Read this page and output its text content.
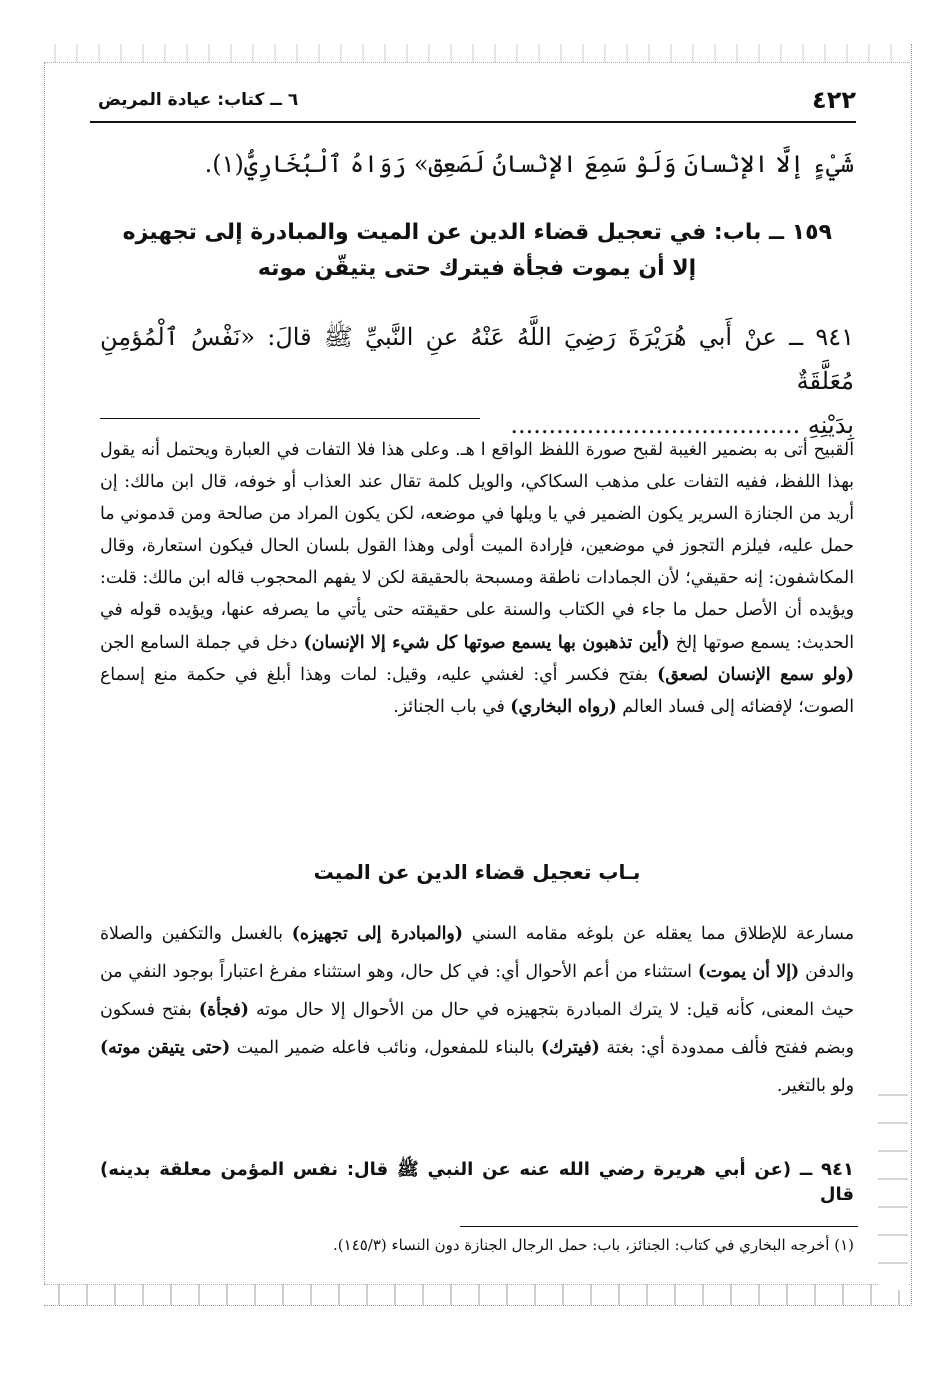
٤٢٢
٦ ــ كتاب: عيادة المريض
شَيْءٍ إلَّا الإنْسانَ وَلَوْ سَمِعَ الإنْسانُ لَصَعِق» رَوَاهُ ٱلْبُخَارِيُّ(١).
١٥٩ ــ باب: في تعجيل قضاء الدين عن الميت والمبادرة إلى تجهيزه
إلا أن يموت فجأة فيترك حتى يتيقّن موته
٩٤١ ــ عنْ أَبي هُرَيْرَةَ رَضِيَ اللَّهُ عَنْهُ عنِ النَّبيِّ ﷺ قالَ: «نَفْسُ ٱلْمُؤمِنِ مُعَلَّقَةٌ
بِدَيْنِهِ ......................................

القبيح أتى به بضمير الغيبة لقبح صورة اللفظ الواقع ا هـ. وعلى هذا فلا التفات في العبارة ويحتمل أنه يقول بهذا اللفظ، ففيه التفات على مذهب السكاكي، والويل كلمة تقال عند العذاب أو خوفه، قال ابن مالك: إن أريد من الجنازة السرير يكون الضمير في يا ويلها في موضعه، لكن يكون المراد من صالحة ومن قدموني ما حمل عليه، فيلزم التجوز في موضعين، فإرادة الميت أولى وهذا القول بلسان الحال فيكون استعارة، وقال المكاشفون: إنه حقيقي؛ لأن الجمادات ناطقة ومسبحة بالحقيقة لكن لا يفهم المحجوب قاله ابن مالك: قلت: ويؤيده أن الأصل حمل ما جاء في الكتاب والسنة على حقيقته حتى يأتي ما يصرفه عنها، ويؤيده قوله في الحديث: يسمع صوتها إلخ (أين تذهبون بها يسمع صوتها كل شيء إلا الإنسان) دخل في جملة السامع الجن (ولو سمع الإنسان لصعق) بفتح فكسر أي: لغشي عليه، وقيل: لمات وهذا أبلغ في حكمة منع إسماع الصوت؛ لإفضائه إلى فساد العالم (رواه البخاري) في باب الجنائز.

بـاب تعجيل قضاء الدين عن الميت

مسارعة للإطلاق مما يعقله عن بلوغه مقامه السني (والمبادرة إلى تجهيزه) بالغسل والتكفين والصلاة والدفن (إلا أن يموت) استثناء من أعم الأحوال أي: في كل حال، وهو استثناء مفرغ اعتباراً بوجود النفي من حيث المعنى، كأنه قيل: لا يترك المبادرة بتجهيزه في حال من الأحوال إلا حال موته (فجأة) بفتح فسكون وبضم ففتح فألف ممدودة أي: بغتة (فيترك) بالبناء للمفعول، ونائب فاعله ضمير الميت (حتى يتيقن موته) ولو بالتغير.

٩٤١ ــ (عن أبي هريرة رضي الله عنه عن النبي ﷺ قال: نفس المؤمن معلقة بدينه) قال
(١) أخرجه البخاري في كتاب: الجنائز، باب: حمل الرجال الجنازة دون النساء (١٤٥/٣).
